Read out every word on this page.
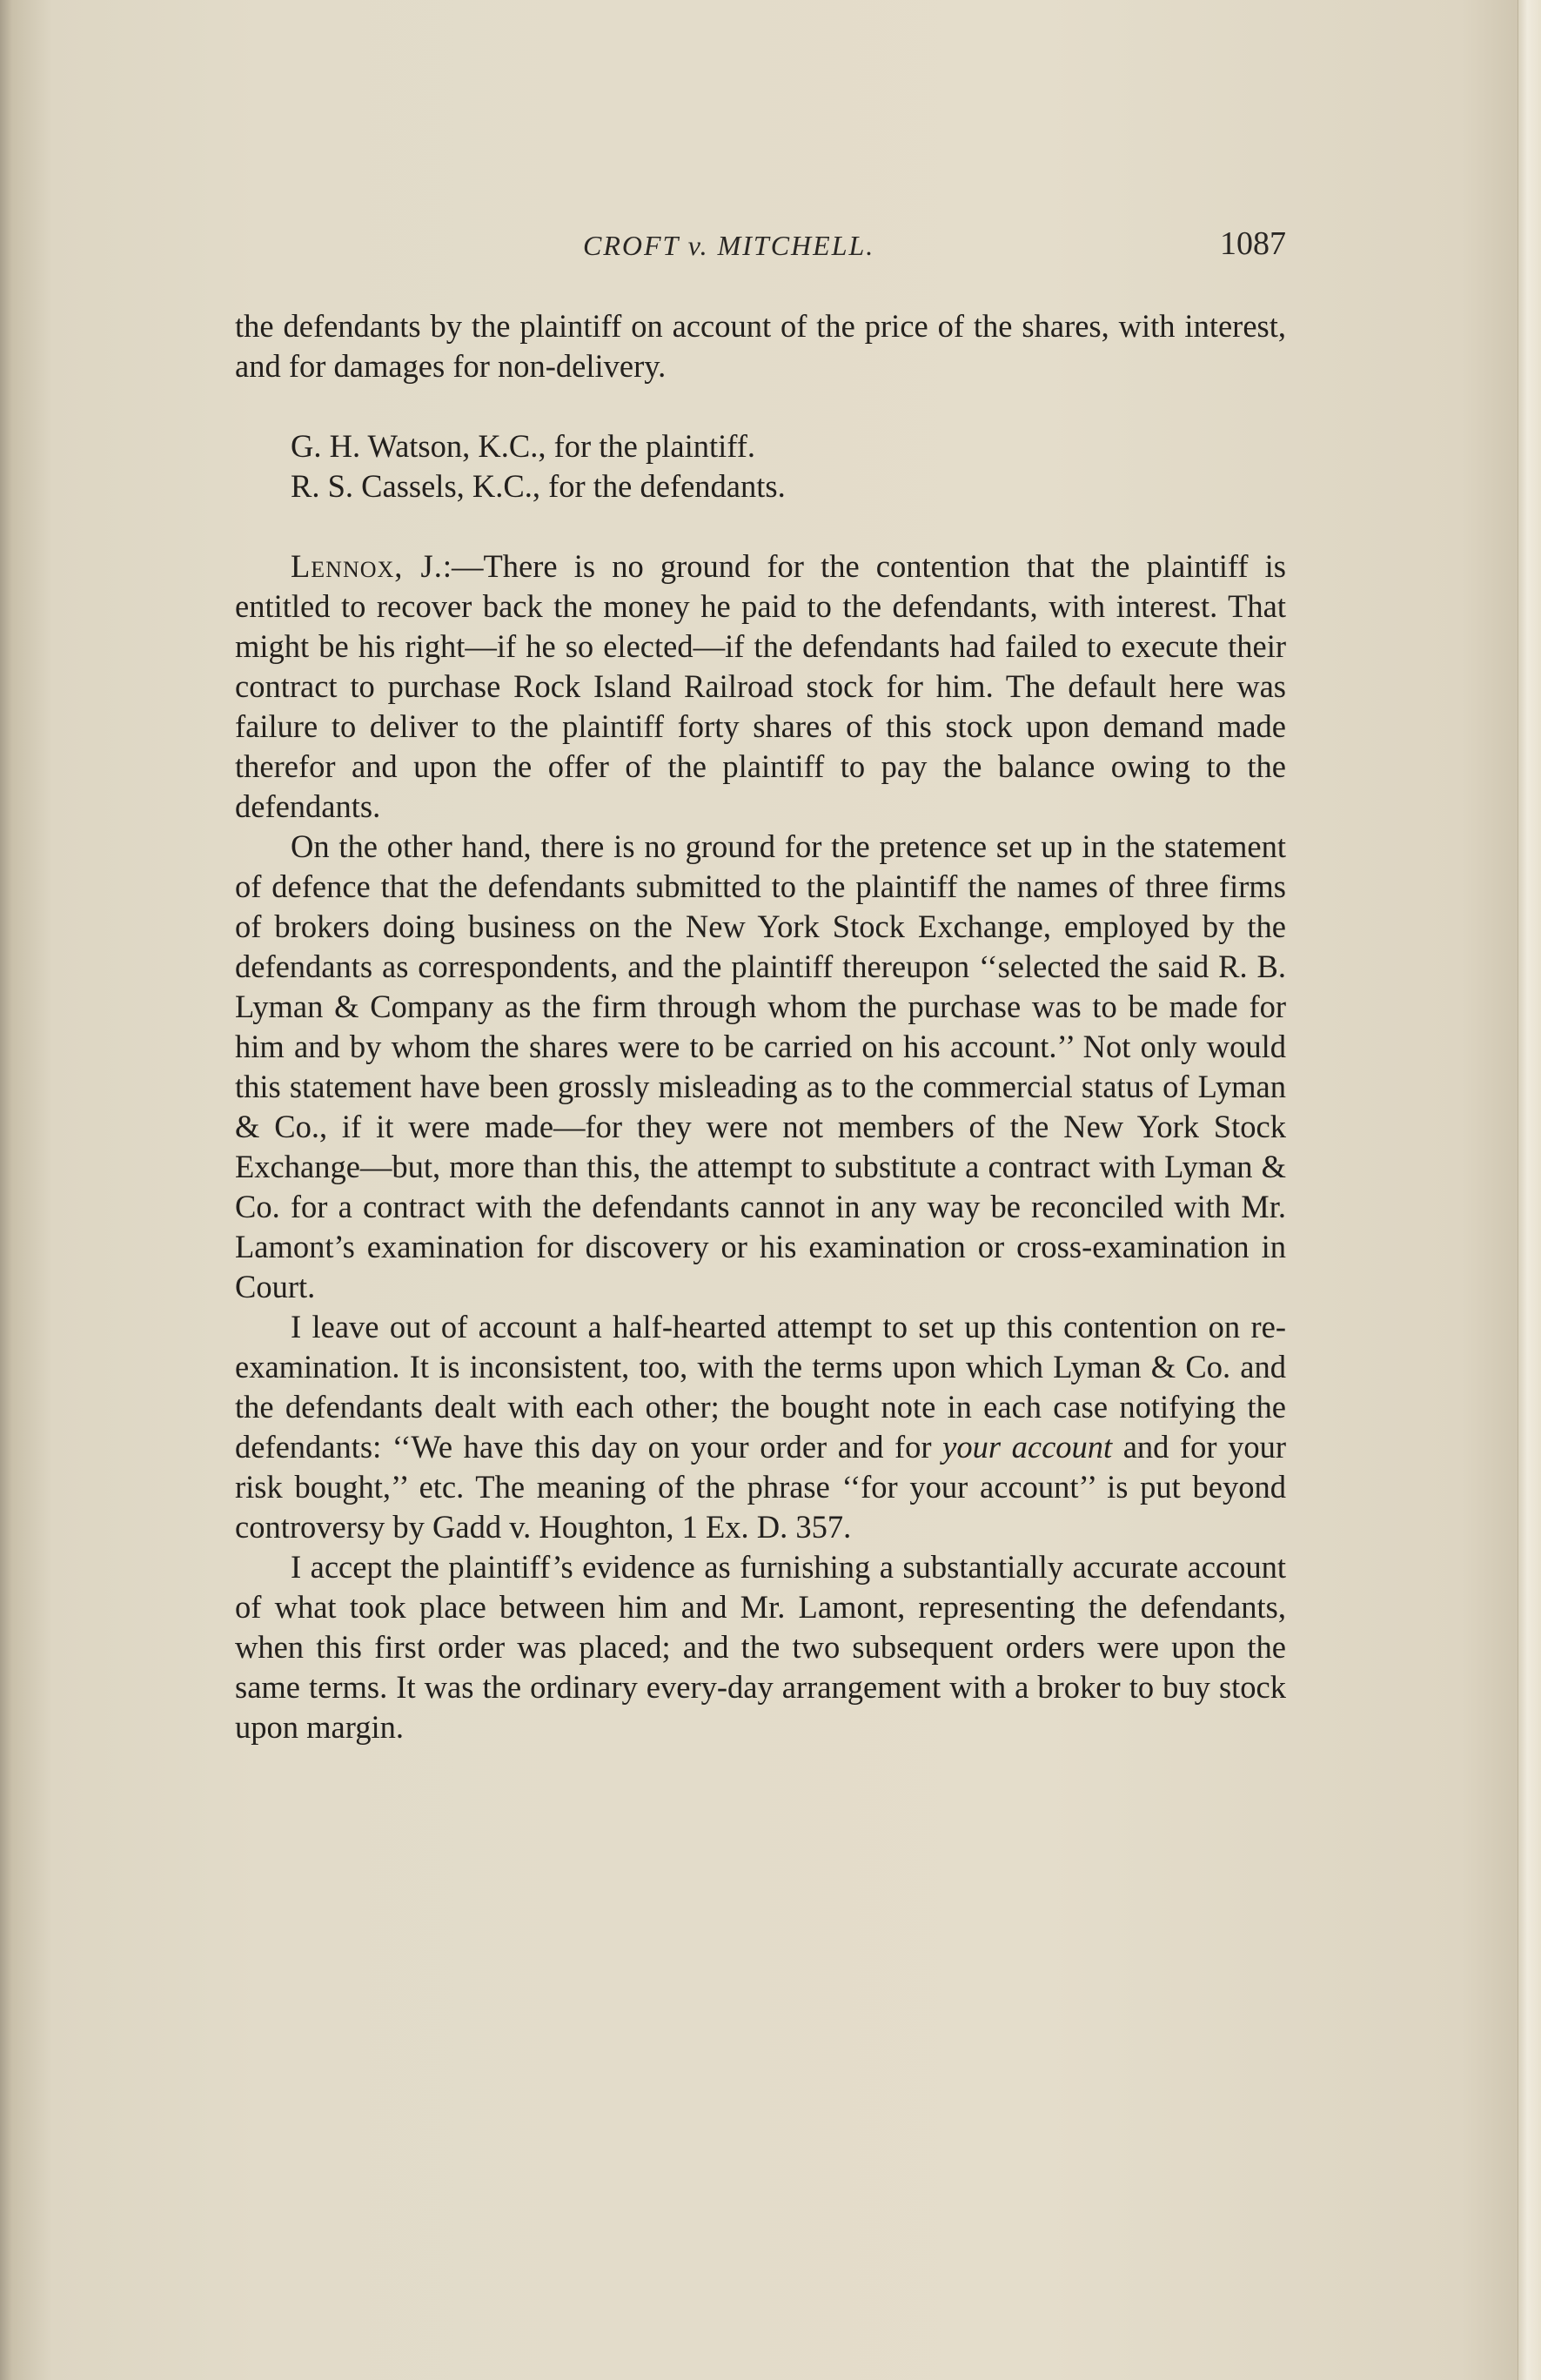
CROFT v. MITCHELL.	1087

the defendants by the plaintiff on account of the price of the shares, with interest, and for damages for non-delivery.

G. H. Watson, K.C., for the plaintiff.

R. S. Cassels, K.C., for the defendants.

Lennox, J.:—There is no ground for the contention that the plaintiff is entitled to recover back the money he paid to the defendants, with interest. That might be his right—if he so elected—if the defendants had failed to execute their contract to purchase Rock Island Railroad stock for him. The default here was failure to deliver to the plaintiff forty shares of this stock upon demand made therefor and upon the offer of the plaintiff to pay the balance owing to the defendants.

On the other hand, there is no ground for the pretence set up in the statement of defence that the defendants submitted to the plaintiff the names of three firms of brokers doing business on the New York Stock Exchange, employed by the defendants as correspondents, and the plaintiff thereupon ‘‘selected the said R. B. Lyman & Company as the firm through whom the purchase was to be made for him and by whom the shares were to be carried on his account.’’ Not only would this statement have been grossly misleading as to the commercial status of Lyman & Co., if it were made—for they were not members of the New York Stock Exchange—but, more than this, the attempt to substitute a contract with Lyman & Co. for a contract with the defendants cannot in any way be reconciled with Mr. Lamont’s examination for discovery or his examination or cross-examination in Court.

I leave out of account a half-hearted attempt to set up this contention on re-examination. It is inconsistent, too, with the terms upon which Lyman & Co. and the defendants dealt with each other; the bought note in each case notifying the defendants: ‘‘We have this day on your order and for your account and for your risk bought,’’ etc. The meaning of the phrase ‘‘for your account’’ is put beyond controversy by Gadd v. Houghton, 1 Ex. D. 357.

I accept the plaintiff’s evidence as furnishing a substantially accurate account of what took place between him and Mr. Lamont, representing the defendants, when this first order was placed; and the two subsequent orders were upon the same terms. It was the ordinary every-day arrangement with a broker to buy stock upon margin.
